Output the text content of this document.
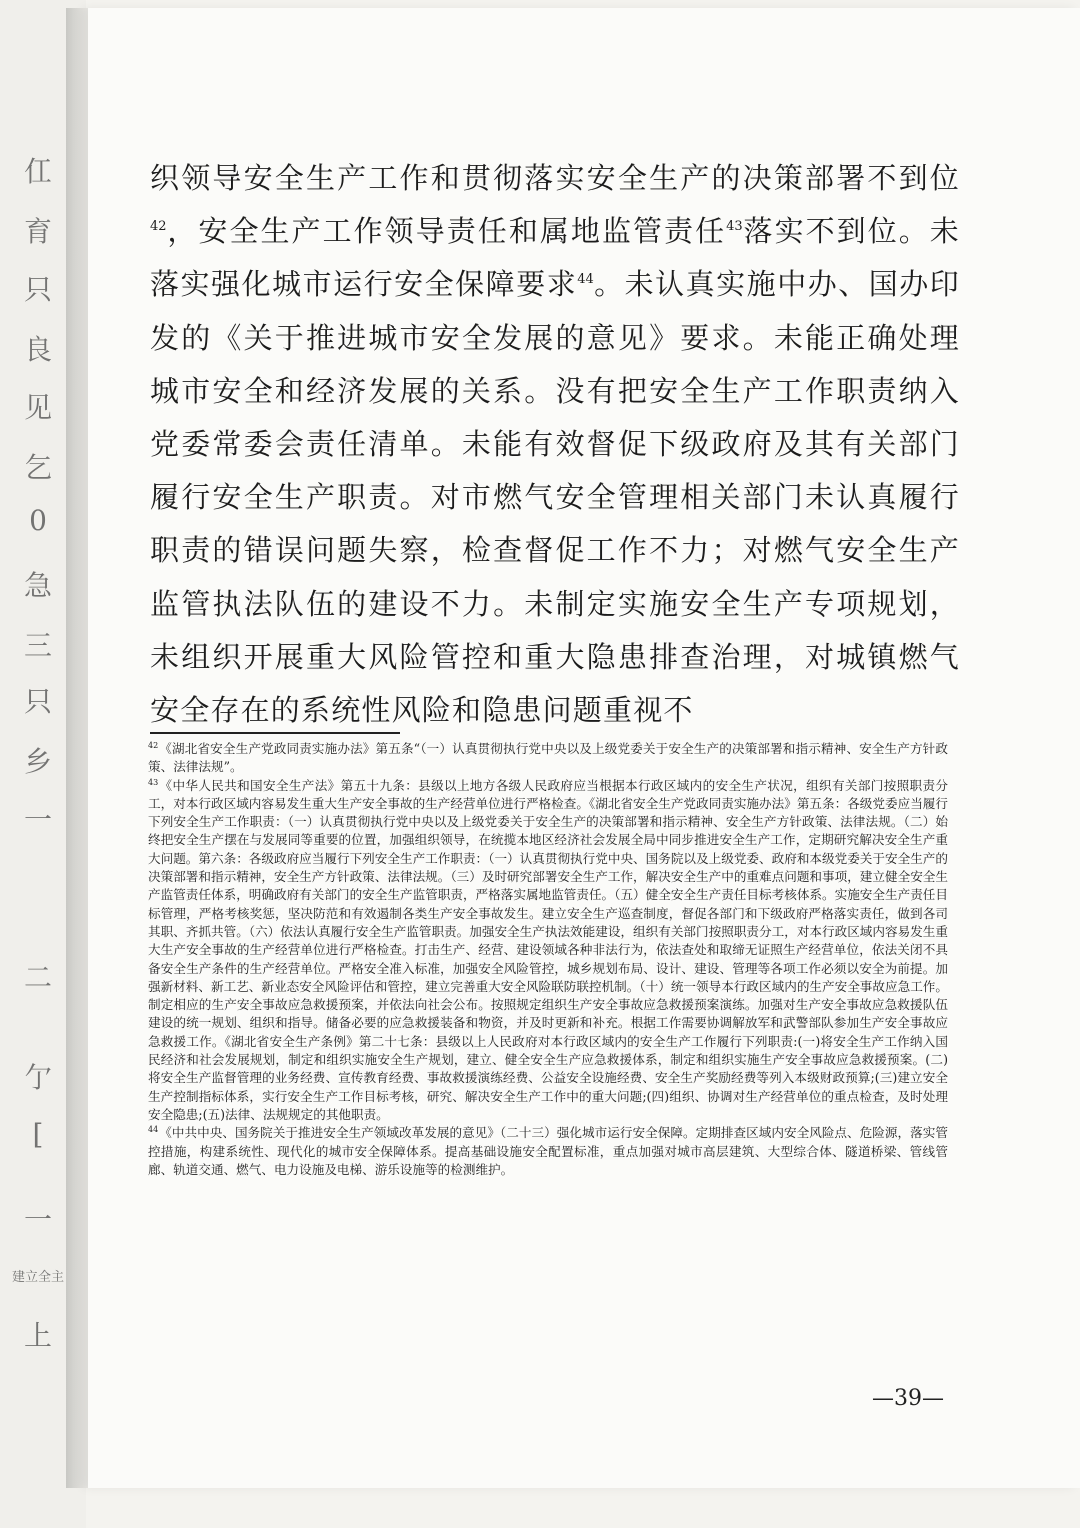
仜
育
只
良
见
乞
0
急
三
只
乡
一
二
亇
[
一
建立全主
上

织领导安全生产工作和贯彻落实安全生产的决策部署不到位$^{42}$，安全生产工作领导责任和属地监管责任$^{43}$落实不到位。未落实强化城市运行安全保障要求$^{44}$。未认真实施中办、国办印发的《关于推进城市安全发展的意见》要求。未能正确处理城市安全和经济发展的关系。没有把安全生产工作职责纳入党委常委会责任清单。未能有效督促下级政府及其有关部门履行安全生产职责。对市燃气安全管理相关部门未认真履行职责的错误问题失察，检查督促工作不力；对燃气安全生产监管执法队伍的建设不力。未制定实施安全生产专项规划，未组织开展重大风险管控和重大隐患排查治理，对城镇燃气安全存在的系统性风险和隐患问题重视不

$^{42}$《湖北省安全生产党政同责实施办法》第五条“（一）认真贯彻执行党中央以及上级党委关于安全生产的决策部署和指示精神、安全生产方针政策、法律法规”。

$^{43}$《中华人民共和国安全生产法》第五十九条：县级以上地方各级人民政府应当根据本行政区域内的安全生产状况，组织有关部门按照职责分工，对本行政区域内容易发生重大生产安全事故的生产经营单位进行严格检查。《湖北省安全生产党政同责实施办法》第五条：各级党委应当履行下列安全生产工作职责：（一）认真贯彻执行党中央以及上级党委关于安全生产的决策部署和指示精神、安全生产方针政策、法律法规。（二）始终把安全生产摆在与发展同等重要的位置，加强组织领导，在统揽本地区经济社会发展全局中同步推进安全生产工作，定期研究解决安全生产重大问题。第六条：各级政府应当履行下列安全生产工作职责：（一）认真贯彻执行党中央、国务院以及上级党委、政府和本级党委关于安全生产的决策部署和指示精神，安全生产方针政策、法律法规。（三）及时研究部署安全生产工作，解决安全生产中的重难点问题和事项，建立健全安全生产监管责任体系，明确政府有关部门的安全生产监管职责，严格落实属地监管责任。（五）健全安全生产责任目标考核体系。实施安全生产责任目标管理，严格考核奖惩，坚决防范和有效遏制各类生产安全事故发生。建立安全生产巡查制度，督促各部门和下级政府严格落实责任，做到各司其职、齐抓共管。（六）依法认真履行安全生产监管职责。加强安全生产执法效能建设，组织有关部门按照职责分工，对本行政区域内容易发生重大生产安全事故的生产经营单位进行严格检查。打击生产、经营、建设领域各种非法行为，依法查处和取缔无证照生产经营单位，依法关闭不具备安全生产条件的生产经营单位。严格安全准入标准，加强安全风险管控，城乡规划布局、设计、建设、管理等各项工作必须以安全为前提。加强新材料、新工艺、新业态安全风险评估和管控，建立完善重大安全风险联防联控机制。（十）统一领导本行政区域内的生产安全事故应急工作。制定相应的生产安全事故应急救援预案，并依法向社会公布。按照规定组织生产安全事故应急救援预案演练。加强对生产安全事故应急救援队伍建设的统一规划、组织和指导。储备必要的应急救援装备和物资，并及时更新和补充。根据工作需要协调解放军和武警部队参加生产安全事故应急救援工作。《湖北省安全生产条例》第二十七条：县级以上人民政府对本行政区域内的安全生产工作履行下列职责:(一)将安全生产工作纳入国民经济和社会发展规划，制定和组织实施安全生产规划，建立、健全安全生产应急救援体系，制定和组织实施生产安全事故应急救援预案。(二)将安全生产监督管理的业务经费、宣传教育经费、事故救援演练经费、公益安全设施经费、安全生产奖励经费等列入本级财政预算;(三)建立安全生产控制指标体系，实行安全生产工作目标考核，研究、解决安全生产工作中的重大问题;(四)组织、协调对生产经营单位的重点检查，及时处理安全隐患;(五)法律、法规规定的其他职责。

$^{44}$《中共中央、国务院关于推进安全生产领域改革发展的意见》（二十三）强化城市运行安全保障。定期排查区域内安全风险点、危险源，落实管控措施，构建系统性、现代化的城市安全保障体系。提高基础设施安全配置标准，重点加强对城市高层建筑、大型综合体、隧道桥梁、管线管廊、轨道交通、燃气、电力设施及电梯、游乐设施等的检测维护。

—39—
